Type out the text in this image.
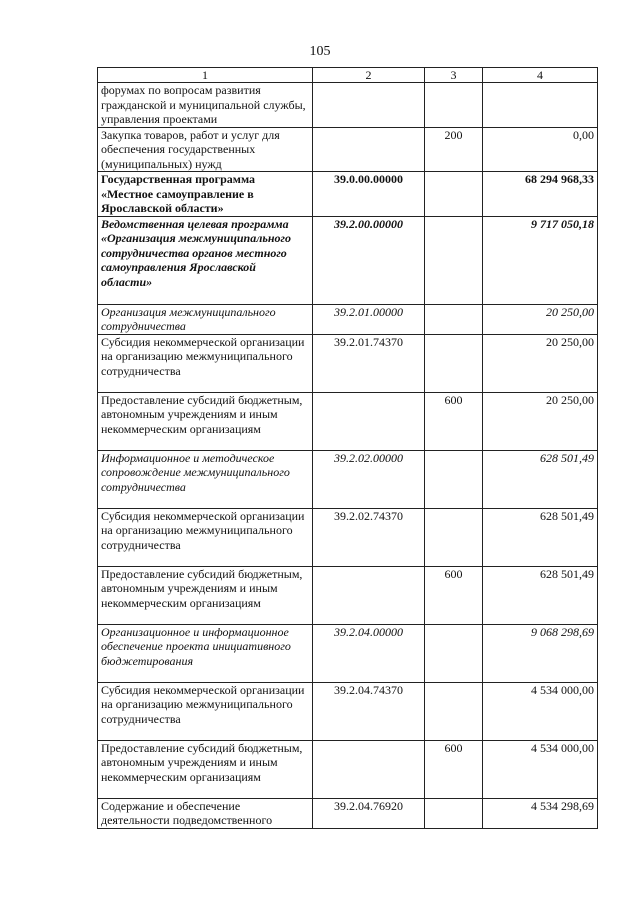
105
1	2	3	4
форумах по вопросам развития гражданской и муниципальной службы, управления проектами			
Закупка товаров, работ и услуг для обеспечения государственных (муниципальных) нужд		200	0,00
Государственная программа «Местное самоуправление в Ярославской области»	39.0.00.00000		68 294 968,33
Ведомственная целевая программа «Организация межмуниципального сотрудничества органов местного самоуправления Ярославской области»	39.2.00.00000		9 717 050,18
Организация межмуниципального сотрудничества	39.2.01.00000		20 250,00
Субсидия некоммерческой организации на организацию межмуниципального сотрудничества	39.2.01.74370		20 250,00
Предоставление субсидий бюджетным, автономным учреждениям и иным некоммерческим организациям		600	20 250,00
Информационное и методическое сопровождение межмуниципального сотрудничества	39.2.02.00000		628 501,49
Субсидия некоммерческой организации на организацию межмуниципального сотрудничества	39.2.02.74370		628 501,49
Предоставление субсидий бюджетным, автономным учреждениям и иным некоммерческим организациям		600	628 501,49
Организационное и информационное обеспечение проекта инициативного бюджетирования	39.2.04.00000		9 068 298,69
Субсидия некоммерческой организации на организацию межмуниципального сотрудничества	39.2.04.74370		4 534 000,00
Предоставление субсидий бюджетным, автономным учреждениям и иным некоммерческим организациям		600	4 534 000,00
Содержание и обеспечение деятельности подведомственного	39.2.04.76920		4 534 298,69
